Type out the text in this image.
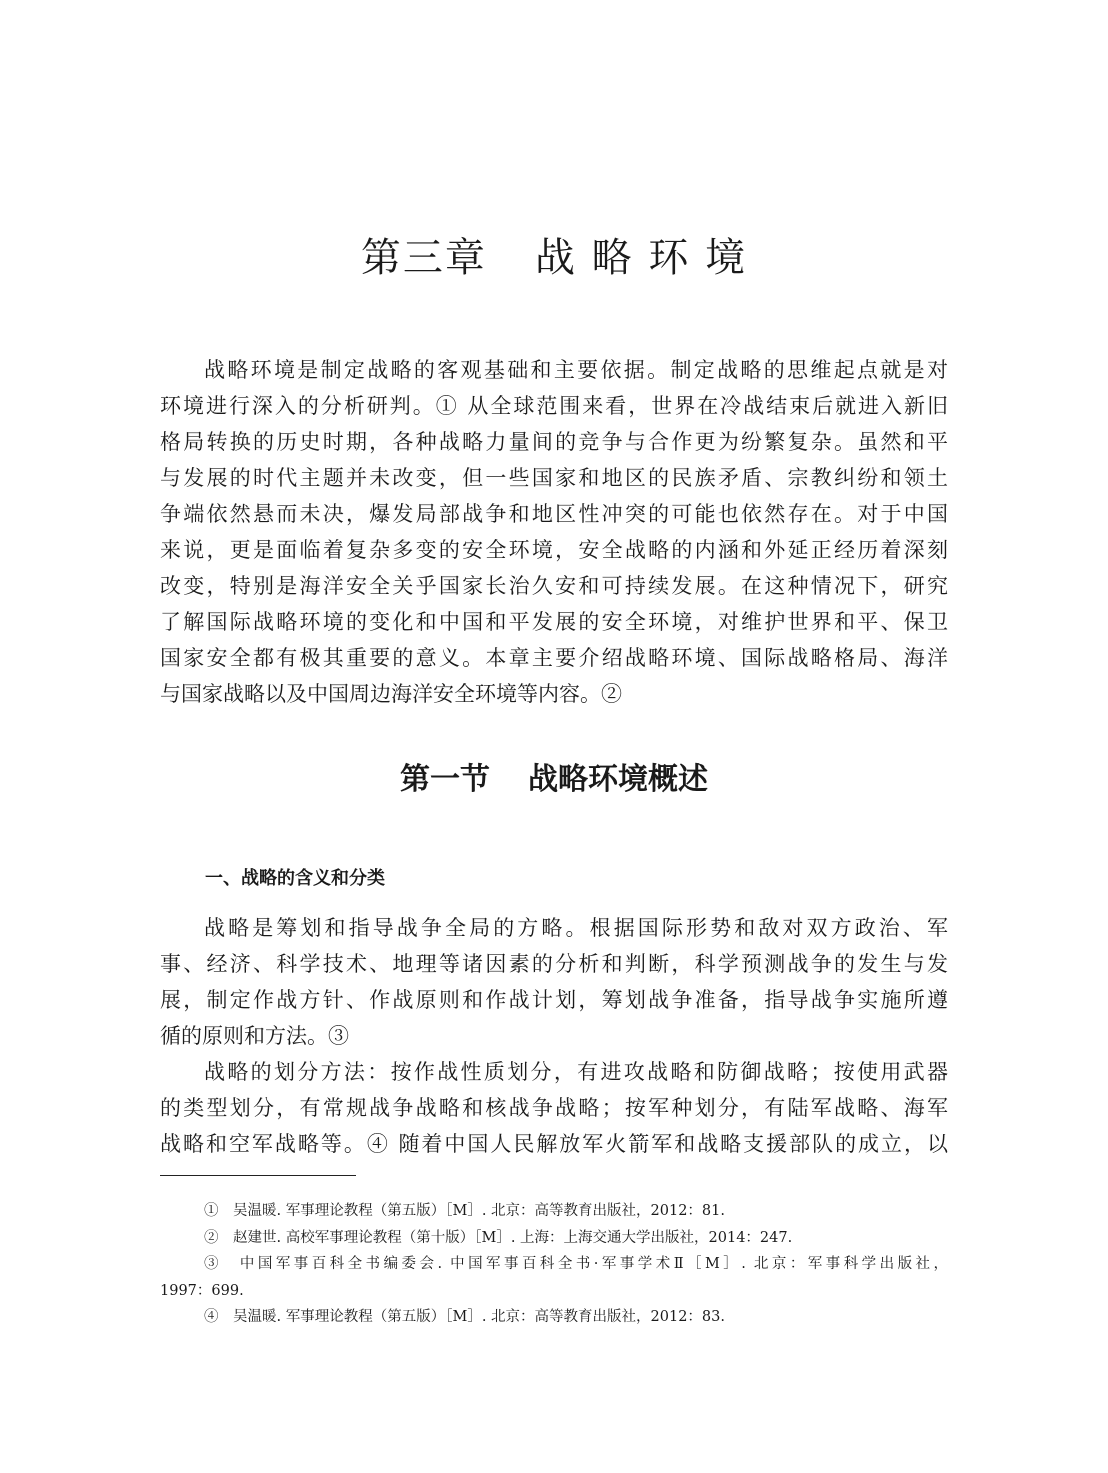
第三章 战 略 环 境
战略环境是制定战略的客观基础和主要依据。制定战略的思维起点就是对
环境进行深入的分析研判。① 从全球范围来看，世界在冷战结束后就进入新旧
格局转换的历史时期，各种战略力量间的竞争与合作更为纷繁复杂。虽然和平
与发展的时代主题并未改变，但一些国家和地区的民族矛盾、宗教纠纷和领土
争端依然悬而未决，爆发局部战争和地区性冲突的可能也依然存在。对于中国
来说，更是面临着复杂多变的安全环境，安全战略的内涵和外延正经历着深刻
改变，特别是海洋安全关乎国家长治久安和可持续发展。在这种情况下，研究
了解国际战略环境的变化和中国和平发展的安全环境，对维护世界和平、保卫
国家安全都有极其重要的意义。本章主要介绍战略环境、国际战略格局、海洋
与国家战略以及中国周边海洋安全环境等内容。②
第一节 战略环境概述
一、战略的含义和分类
战略是筹划和指导战争全局的方略。根据国际形势和敌对双方政治、军
事、经济、科学技术、地理等诸因素的分析和判断，科学预测战争的发生与发
展，制定作战方针、作战原则和作战计划，筹划战争准备，指导战争实施所遵
循的原则和方法。③
战略的划分方法：按作战性质划分，有进攻战略和防御战略；按使用武器
的类型划分，有常规战争战略和核战争战略；按军种划分，有陆军战略、海军
战略和空军战略等。④ 随着中国人民解放军火箭军和战略支援部队的成立，以
①　吴温暖. 军事理论教程（第五版）［M］. 北京：高等教育出版社，2012：81.
②　赵建世. 高校军事理论教程（第十版）［M］. 上海：上海交通大学出版社，2014：247.
③　中国军事百科全书编委会. 中国军事百科全书·军事学术Ⅱ［M］. 北京：军事科学出版社，
1997：699.
④　吴温暖. 军事理论教程（第五版）［M］. 北京：高等教育出版社，2012：83.
